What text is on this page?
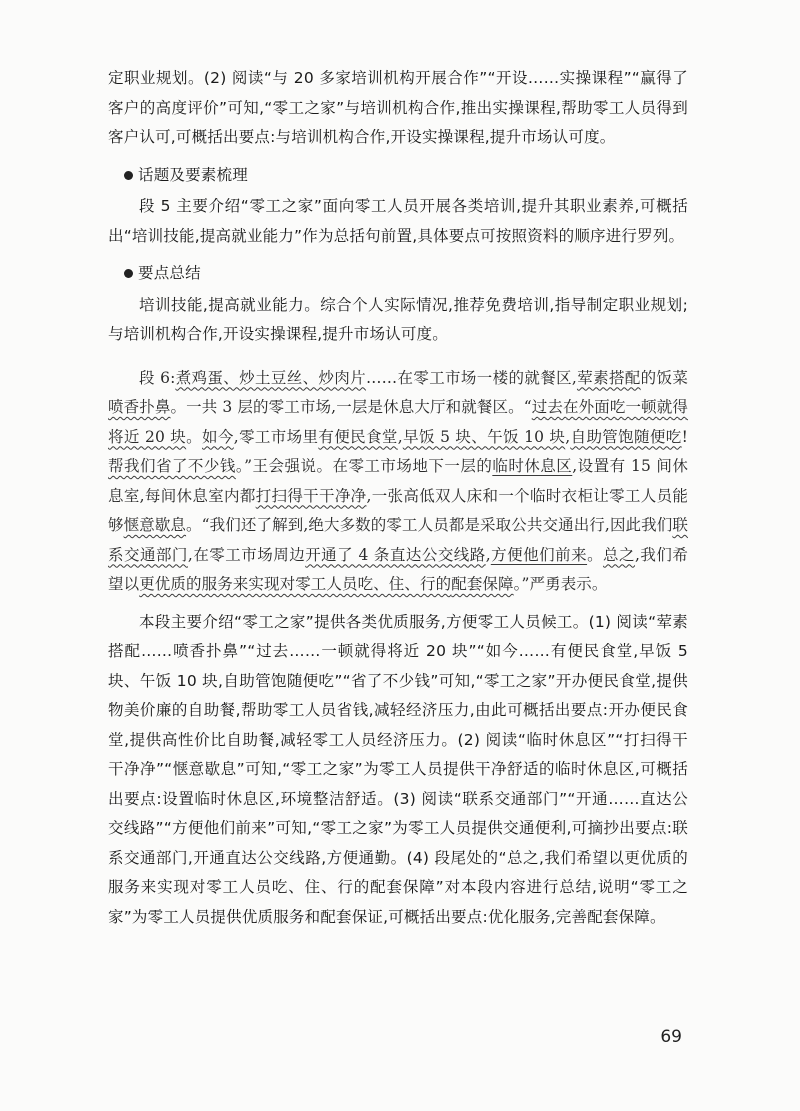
定职业规划。(2) 阅读“与 20 多家培训机构开展合作”“开设……实操课程”“赢得了客户的高度评价”可知,“零工之家”与培训机构合作,推出实操课程,帮助零工人员得到客户认可,可概括出要点:与培训机构合作,开设实操课程,提升市场认可度。

话题及要素梳理

段 5 主要介绍“零工之家”面向零工人员开展各类培训,提升其职业素养,可概括出“培训技能,提高就业能力”作为总括句前置,具体要点可按照资料的顺序进行罗列。

要点总结

培训技能,提高就业能力。综合个人实际情况,推荐免费培训,指导制定职业规划;与培训机构合作,开设实操课程,提升市场认可度。

段 6:煮鸡蛋、炒土豆丝、炒肉片……在零工市场一楼的就餐区,荤素搭配的饭菜喷香扑鼻。一共 3 层的零工市场,一层是休息大厅和就餐区。“过去在外面吃一顿就得将近 20 块。如今,零工市场里有便民食堂,早饭 5 块、午饭 10 块,自助管饱随便吃!帮我们省了不少钱。”王会强说。在零工市场地下一层的临时休息区,设置有 15 间休息室,每间休息室内都打扫得干干净净,一张高低双人床和一个临时衣柜让零工人员能够惬意歇息。“我们还了解到,绝大多数的零工人员都是采取公共交通出行,因此我们联系交通部门,在零工市场周边开通了 4 条直达公交线路,方便他们前来。总之,我们希望以更优质的服务来实现对零工人员吃、住、行的配套保障。”严勇表示。

本段主要介绍“零工之家”提供各类优质服务,方便零工人员候工。(1) 阅读“荤素搭配……喷香扑鼻”“过去……一顿就得将近 20 块”“如今……有便民食堂,早饭 5 块、午饭 10 块,自助管饱随便吃”“省了不少钱”可知,“零工之家”开办便民食堂,提供物美价廉的自助餐,帮助零工人员省钱,减轻经济压力,由此可概括出要点:开办便民食堂,提供高性价比自助餐,减轻零工人员经济压力。(2) 阅读“临时休息区”“打扫得干干净净”“惬意歇息”可知,“零工之家”为零工人员提供干净舒适的临时休息区,可概括出要点:设置临时休息区,环境整洁舒适。(3) 阅读“联系交通部门”“开通……直达公交线路”“方便他们前来”可知,“零工之家”为零工人员提供交通便利,可摘抄出要点:联系交通部门,开通直达公交线路,方便通勤。(4) 段尾处的“总之,我们希望以更优质的服务来实现对零工人员吃、住、行的配套保障”对本段内容进行总结,说明“零工之家”为零工人员提供优质服务和配套保证,可概括出要点:优化服务,完善配套保障。

69
